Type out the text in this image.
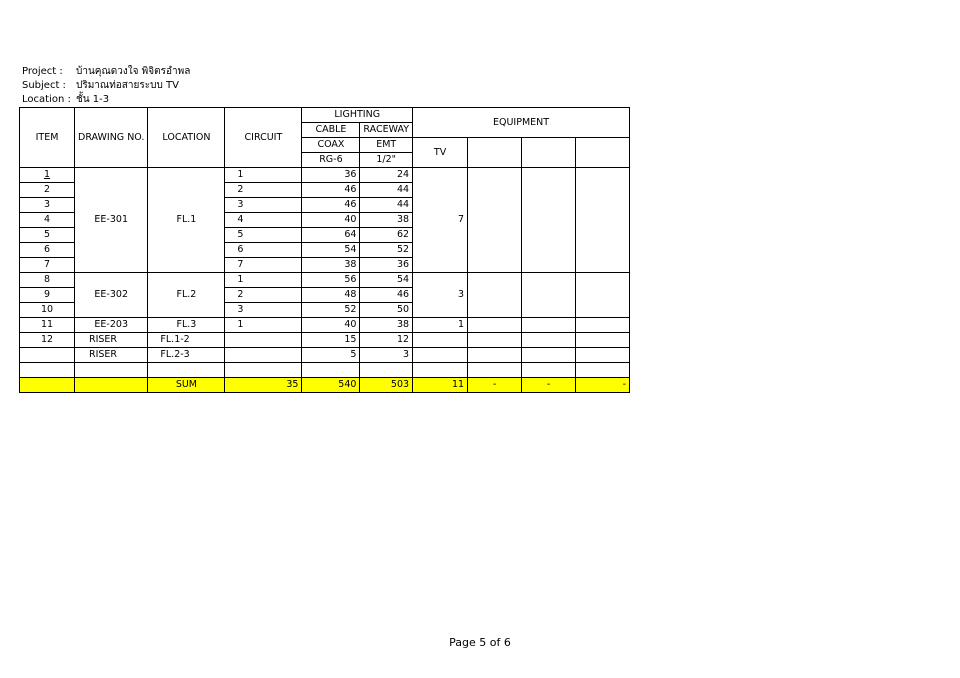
Project : บ้านคุณดวงใจ พิจิตรอำพล
Subject : ปริมาณท่อสายระบบ TV
Location : ชั้น 1-3
ITEM	DRAWING NO.	LOCATION	CIRCUIT	LIGHTING		EQUIPMENT			
				CABLE	RACEWAY				
				COAX	EMT	TV			
				RG-6	1/2"				
1	EE-301	FL.1	1	36	24	7			
2			2	46	44				
3			3	46	44				
4			4	40	38				
5			5	64	62				
6			6	54	52				
7			7	38	36				
8	EE-302	FL.2	1	56	54	3			
9			2	48	46				
10			3	52	50				
11	EE-203	FL.3	1	40	38	1			
12	RISER	FL.1-2		15	12				
	RISER	FL.2-3		5	3				

		SUM	35	540	503	11	-	-	-
Page 5 of 6
